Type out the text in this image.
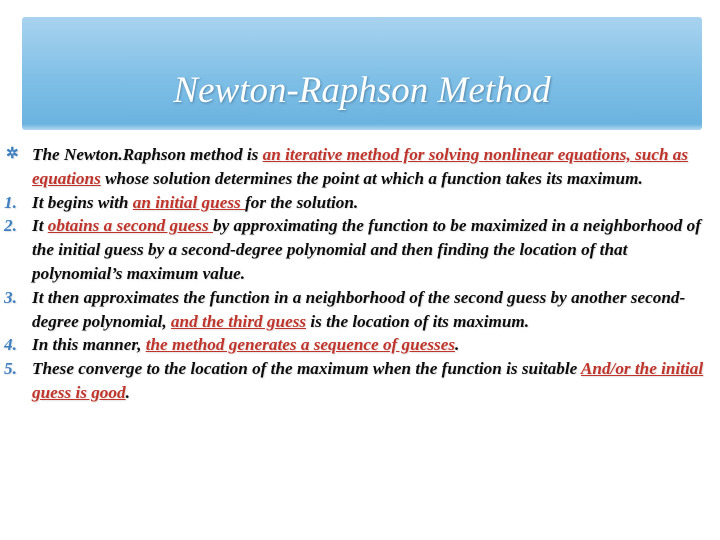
Newton-Raphson Method
✲ The Newton.Raphson method is an iterative method for solving nonlinear equations, such as equations whose solution determines the point at which a function takes its maximum.
1. It begins with an initial guess for the solution.
2. It obtains a second guess by approximating the function to be maximized in a neighborhood of the initial guess by a second-degree polynomial and then finding the location of that polynomial’s maximum value.
3. It then approximates the function in a neighborhood of the second guess by another second-degree polynomial, and the third guess is the location of its maximum.
4. In this manner, the method generates a sequence of guesses.
5. These converge to the location of the maximum when the function is suitable And/or the initial guess is good.
